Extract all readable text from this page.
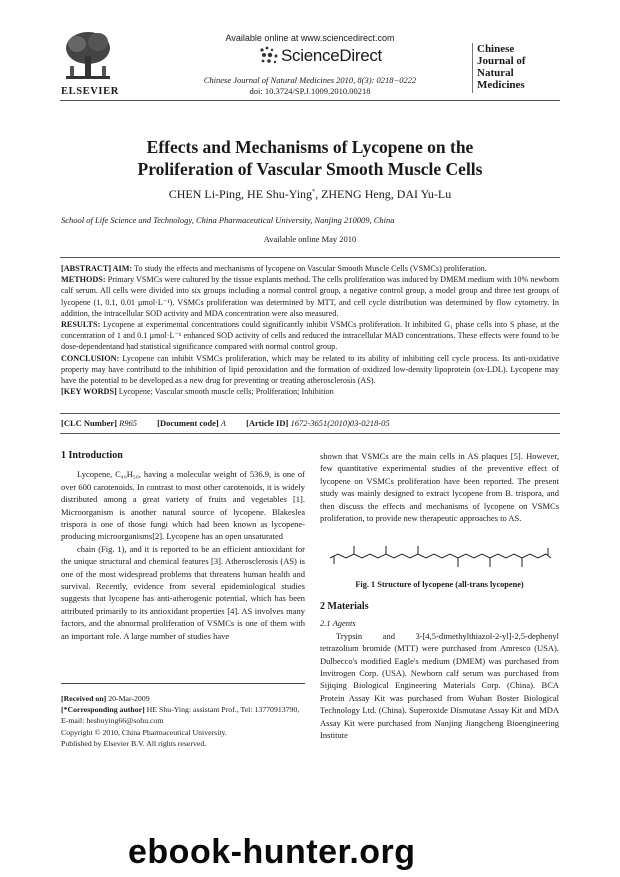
ELSEVIER
Available online at www.sciencedirect.com
ScienceDirect
Chinese Journal of Natural Medicines 2010, 8(3): 0218−0222
doi: 10.3724/SP.J.1009.2010.00218
Chinese
Journal of
Natural
Medicines
Effects and Mechanisms of Lycopene on the
Proliferation of Vascular Smooth Muscle Cells
CHEN Li-Ping, HE Shu-Ying*, ZHENG Heng, DAI Yu-Lu
School of Life Science and Technology, China Pharmaceutical University, Nanjing 210009, China
Available online May 2010
[ABSTRACT] AIM: To study the effects and mechanisms of lycopene on Vascular Smooth Muscle Cells (VSMCs) proliferation.
METHODS: Primary VSMCs were cultured by the tissue explants method. The cells proliferation was induced by DMEM medium with 10% newborn calf serum. All cells were divided into six groups including a normal control group, a negative control group, a model group and three test groups of lycopene (1, 0.1, 0.01 μmol·L⁻¹). VSMCs proliferation was determined by MTT, and cell cycle distribution was determined by flow cytometry. In addition, the intracellular SOD activity and MDA concentration were also measured.
RESULTS: Lycopene at experimental concentrations could significantly inhibit VSMCs proliferation. It inhibited G₁ phase cells into S phase, at the concentration of 1 and 0.1 μmol·L⁻¹ enhanced SOD activity of cells and reduced the intracellular MAD concentrations. These effects were found to be dose-dependentand had statistical significance compared with normal control group.
CONCLUSION: Lycopene can inhibit VSMCs proliferation, which may be related to its ability of inhibiting cell cycle process. Its anti-oxidative property may have contributd to the inhibition of lipid peroxidation and the formation of oxidized low-density lipoprotein (ox-LDL). Lycopene may have the potential to be developed as a new drug for preventing or treating atherosclerosis (AS).
[KEY WORDS] Lycopene; Vascular smooth muscle cells; Proliferation; Inhibition
[CLC Number] R965 [Document code] A [Article ID] 1672-3651(2010)03-0218-05
1 Introduction
Lycopene, C₄₀H₅₆, having a molecular weight of 536.9, is one of over 600 carotenoids. In contrast to most other carotenoids, it is widely distributed among a great variety of fruits and vegetables [1]. Microorganism is another natural source of lycopene. Blakeslea trispora is one of those fungi which had been known as lycopene-producing microorganisms[2]. Lycopene has an open unsaturated
chain (Fig. 1), and it is reported to be an efficient antioxidant for the unique structural and chemical features [3]. Atherosclerosis (AS) is one of the most widespread problems that threatens human health and survival. Recently, evidence from several epidemiological studies suggests that lycopene has anti-atherogenic potential, which has been attributed primarily to its antioxidant properties [4]. AS involves many factors, and the abnormal proliferation of VSMCs is one of them with an important role. A large number of studies have
[Received on] 20-Mar-2009
[*Corresponding author] HE Shu-Ying: assistant Prof., Tel: 13770913790, E-mail: heshuying66@sohu.com
Copyright © 2010, China Pharmaceutical University.
Published by Elsevier B.V. All rights reserved.
shown that VSMCs are the main cells in AS plaques [5]. However, few quantitative experimental studies of the preventive effect of lycopene on VSMCs proliferation have been reported. The present study was mainly designed to extract lycopene from B. trispora, and then discuss the effects and mechanisms of lycopene on VSMCs proliferation, to provide new therapeutic approaches to AS.
Fig. 1 Structure of lycopene (all-trans lycopene)
2 Materials
2.1 Agents
Trypsin and 3-[4,5-dimethylthiazol-2-yl]-2,5-dephenyl tetrazolium bromide (MTT) were purchased from Amresco (USA). Dulbecco's modified Eagle's medium (DMEM) was purchased from Invitrogen Corp. (USA). Newborn calf serum was purchased from Sijiqing Biological Engineering Materials Corp. (China). BCA Protein Assay Kit was purchased from Wuhan Boster Biological Technology Ltd. (China). Superoxide Dismutase Assay Kit and MDA Assay Kit were purchased from Nanjing Jiangcheng Bioengineering Institute
ebook-hunter.org
